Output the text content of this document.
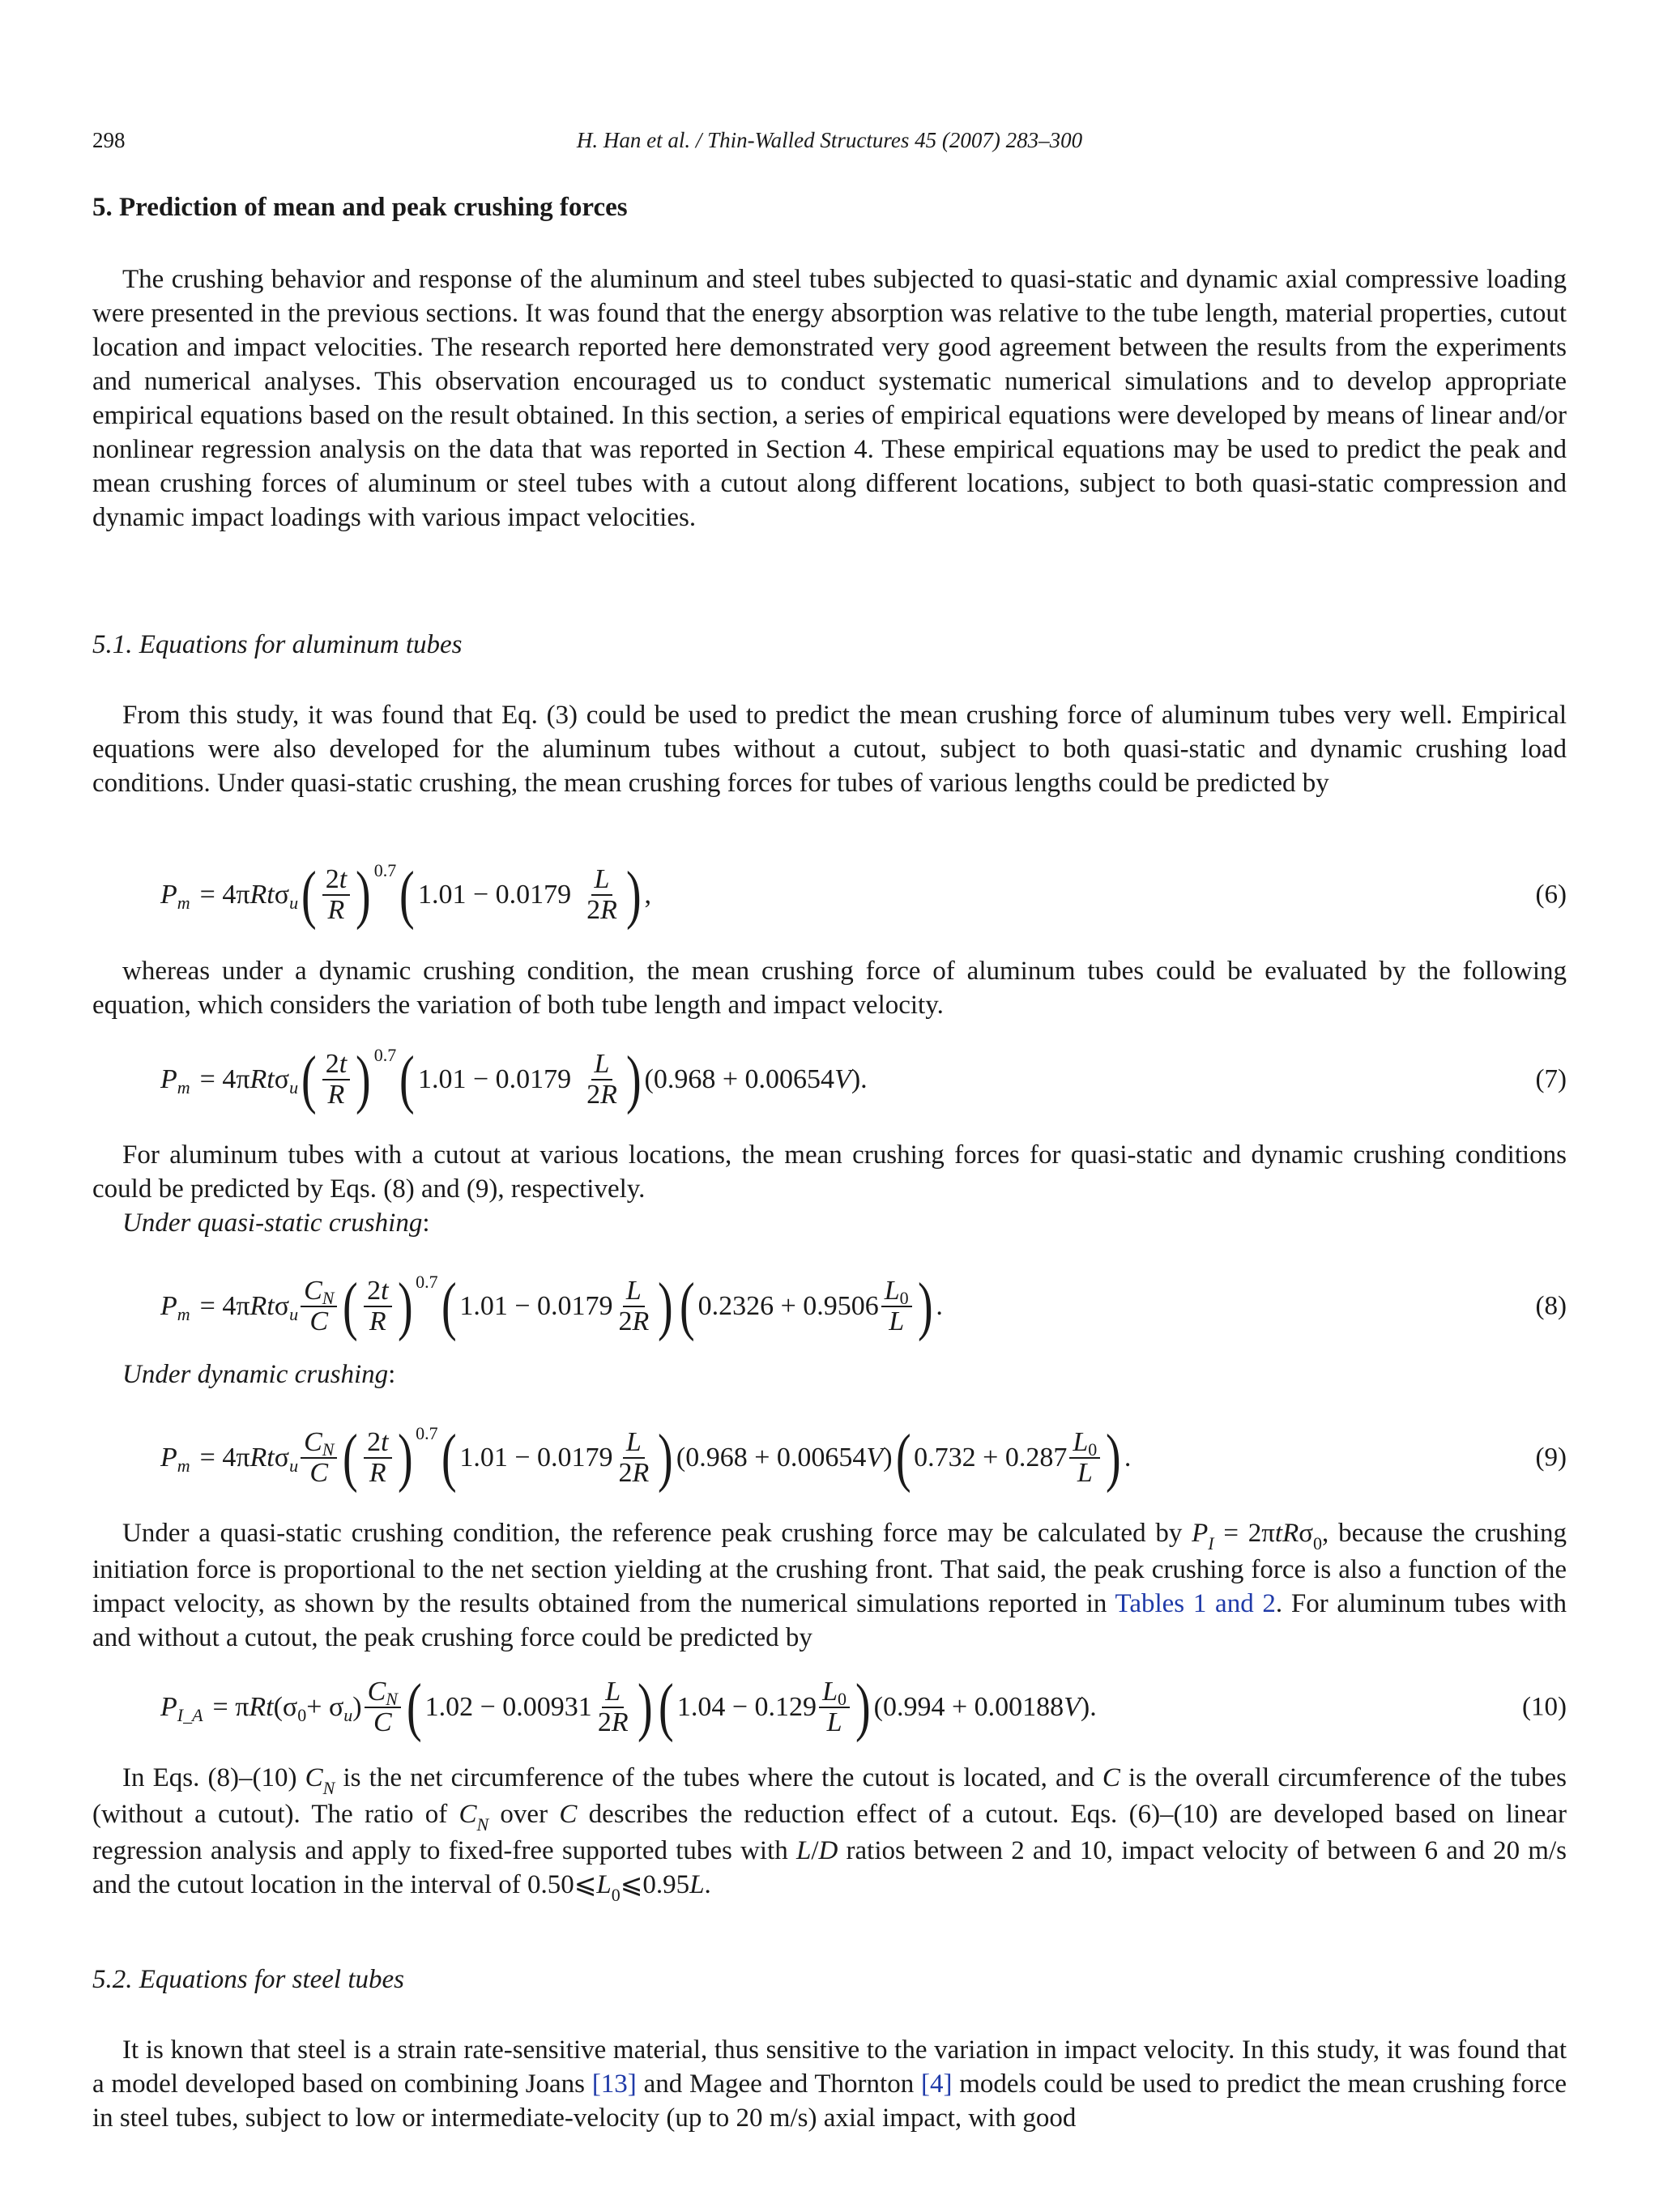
298	H. Han et al. / Thin-Walled Structures 45 (2007) 283–300
5. Prediction of mean and peak crushing forces

The crushing behavior and response of the aluminum and steel tubes subjected to quasi-static and dynamic axial compressive loading were presented in the previous sections. It was found that the energy absorption was relative to the tube length, material properties, cutout location and impact velocities. The research reported here demonstrated very good agreement between the results from the experiments and numerical analyses. This observation encouraged us to conduct systematic numerical simulations and to develop appropriate empirical equations based on the result obtained. In this section, a series of empirical equations were developed by means of linear and/or nonlinear regression analysis on the data that was reported in Section 4. These empirical equations may be used to predict the peak and mean crushing forces of aluminum or steel tubes with a cutout along different locations, subject to both quasi-static compression and dynamic impact loadings with various impact velocities.

5.1. Equations for aluminum tubes

From this study, it was found that Eq. (3) could be used to predict the mean crushing force of aluminum tubes very well. Empirical equations were also developed for the aluminum tubes without a cutout, subject to both quasi-static and dynamic crushing load conditions. Under quasi-static crushing, the mean crushing forces for tubes of various lengths could be predicted by

P m = 4π Rt σ u ( $\frac{2t}{R}$ ) 0.7 ( $1.01 - 0.0179 \frac{L}{2R}$ ) ,	(6)

whereas under a dynamic crushing condition, the mean crushing force of aluminum tubes could be evaluated by the following equation, which considers the variation of both tube length and impact velocity.

P m = 4π Rt σ u ( $\frac{2t}{R}$ ) 0.7 ( $1.01 - 0.0179 \frac{L}{2R}$ ) (0.968 + 0.00654 V ).	(7)

For aluminum tubes with a cutout at various locations, the mean crushing forces for quasi-static and dynamic crushing conditions could be predicted by Eqs. (8) and (9), respectively.

Under quasi-static crushing:

P m = 4π Rt σ u $\frac{CN}{C}$ ( $\frac{2t}{R}$ ) 0.7 ( $1.01 - 0.0179 \frac{L}{2R}$ ) ( $0.2326 + 0.9506 \frac{L0}{L}$ ) .	(8)

Under dynamic crushing:

P m = 4π Rt σ u $\frac{CN}{C}$ ( $\frac{2t}{R}$ ) 0.7 ( $1.01 - 0.0179 \frac{L}{2R}$ ) (0.968 + 0.00654 V ) ( $0.732 + 0.287 \frac{L0}{L}$ ) .	(9)

Under a quasi-static crushing condition, the reference peak crushing force may be calculated by $P_I = 2\pi tR\sigma_0$, because the crushing initiation force is proportional to the net section yielding at the crushing front. That said, the peak crushing force is also a function of the impact velocity, as shown by the results obtained from the numerical simulations reported in Tables 1 and 2. For aluminum tubes with and without a cutout, the peak crushing force could be predicted by

P I_A = π Rt (σ 0 + σ u ) $\frac{CN}{C}$ ( $1.02 - 0.00931 \frac{L}{2R}$ ) ( $1.04 - 0.129 \frac{L0}{L}$ ) (0.994 + 0.00188 V ).	(10)

In Eqs. (8)–(10) $C_N$ is the net circumference of the tubes where the cutout is located, and C is the overall circumference of the tubes (without a cutout). The ratio of $C_N$ over C describes the reduction effect of a cutout. Eqs. (6)–(10) are developed based on linear regression analysis and apply to fixed-free supported tubes with L/D ratios between 2 and 10, impact velocity of between 6 and 20 m/s and the cutout location in the interval of $0.50⩽L_0⩽0.95L$.

5.2. Equations for steel tubes

It is known that steel is a strain rate-sensitive material, thus sensitive to the variation in impact velocity. In this study, it was found that a model developed based on combining Joans [13] and Magee and Thornton [4] models could be used to predict the mean crushing force in steel tubes, subject to low or intermediate-velocity (up to 20 m/s) axial impact, with good
